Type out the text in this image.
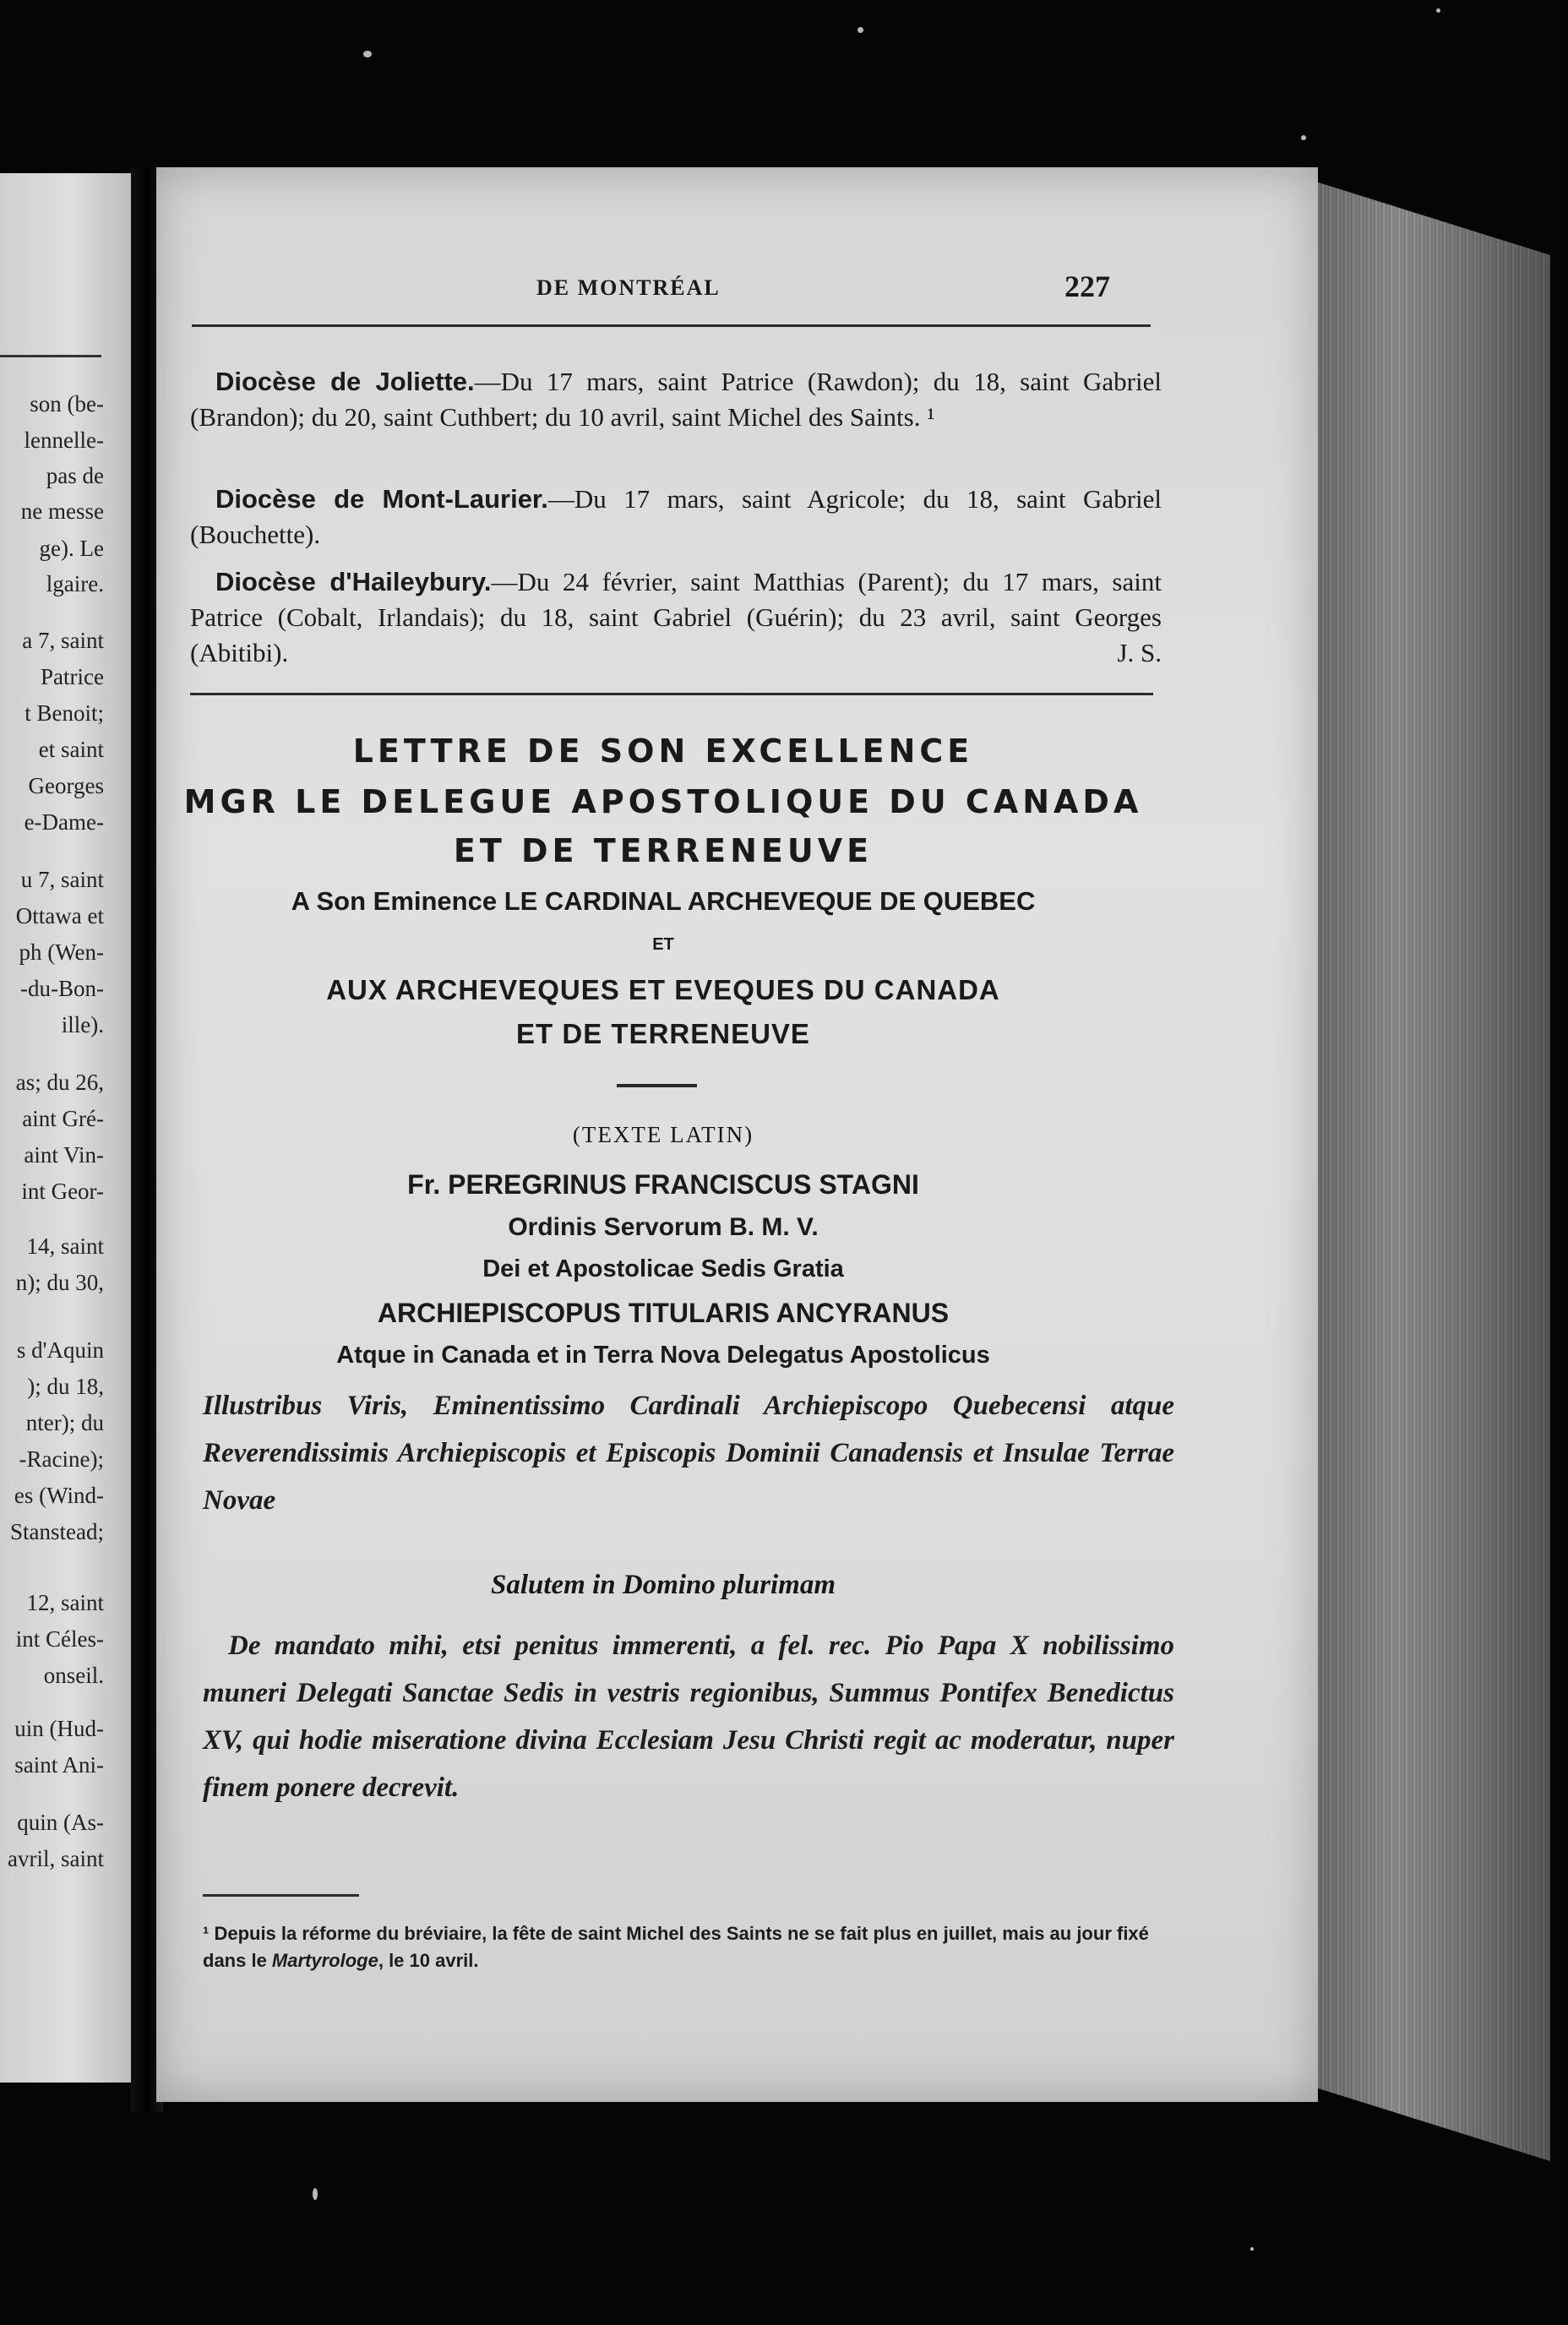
son (be-
lennelle-
pas de
ne messe
ge). Le
lgaire.
a 7, saint
Patrice
t Benoit;
et saint
Georges
e-Dame-
u 7, saint
Ottawa et
ph (Wen-
-du-Bon-
ille).
as; du 26,
aint Gré-
aint Vin-
int Geor-
14, saint
n); du 30,
s d'Aquin
); du 18,
nter); du
-Racine);
es (Wind-
Stanstead;
12, saint
int Céles-
onseil.
uin (Hud-
saint Ani-
quin (As-
avril, saint
DE MONTRÉAL	227

Diocèse de Joliette.—Du 17 mars, saint Patrice (Rawdon); du 18, saint Gabriel (Brandon); du 20, saint Cuthbert; du 10 avril, saint Michel des Saints. ¹

Diocèse de Mont-Laurier.—Du 17 mars, saint Agricole; du 18, saint Gabriel (Bouchette).

Diocèse d'Haileybury.—Du 24 février, saint Matthias (Parent); du 17 mars, saint Patrice (Cobalt, Irlandais); du 18, saint Gabriel (Guérin); du 23 avril, saint Georges (Abitibi).	J. S.

LETTRE DE SON EXCELLENCE
MGR LE DELEGUE APOSTOLIQUE DU CANADA
ET DE TERRENEUVE
A Son Eminence LE CARDINAL ARCHEVEQUE DE QUEBEC
ET
AUX ARCHEVEQUES ET EVEQUES DU CANADA
ET DE TERRENEUVE
(TEXTE LATIN)
Fr. PEREGRINUS FRANCISCUS STAGNI
Ordinis Servorum B. M. V.
Dei et Apostolicae Sedis Gratia
ARCHIEPISCOPUS TITULARIS ANCYRANUS
Atque in Canada et in Terra Nova Delegatus Apostolicus

Illustribus Viris, Eminentissimo Cardinali Archiepiscopo Quebecensi atque Reverendissimis Archiepiscopis et Episcopis Dominii Canadensis et Insulae Terrae Novae

Salutem in Domino plurimam

De mandato mihi, etsi penitus immerenti, a fel. rec. Pio Papa X nobilissimo muneri Delegati Sanctae Sedis in vestris regionibus, Summus Pontifex Benedictus XV, qui hodie miseratione divina Ecclesiam Jesu Christi regit ac moderatur, nuper finem ponere decrevit.

¹ Depuis la réforme du bréviaire, la fête de saint Michel des Saints ne se fait plus en juillet, mais au jour fixé dans le Martyrologe, le 10 avril.
